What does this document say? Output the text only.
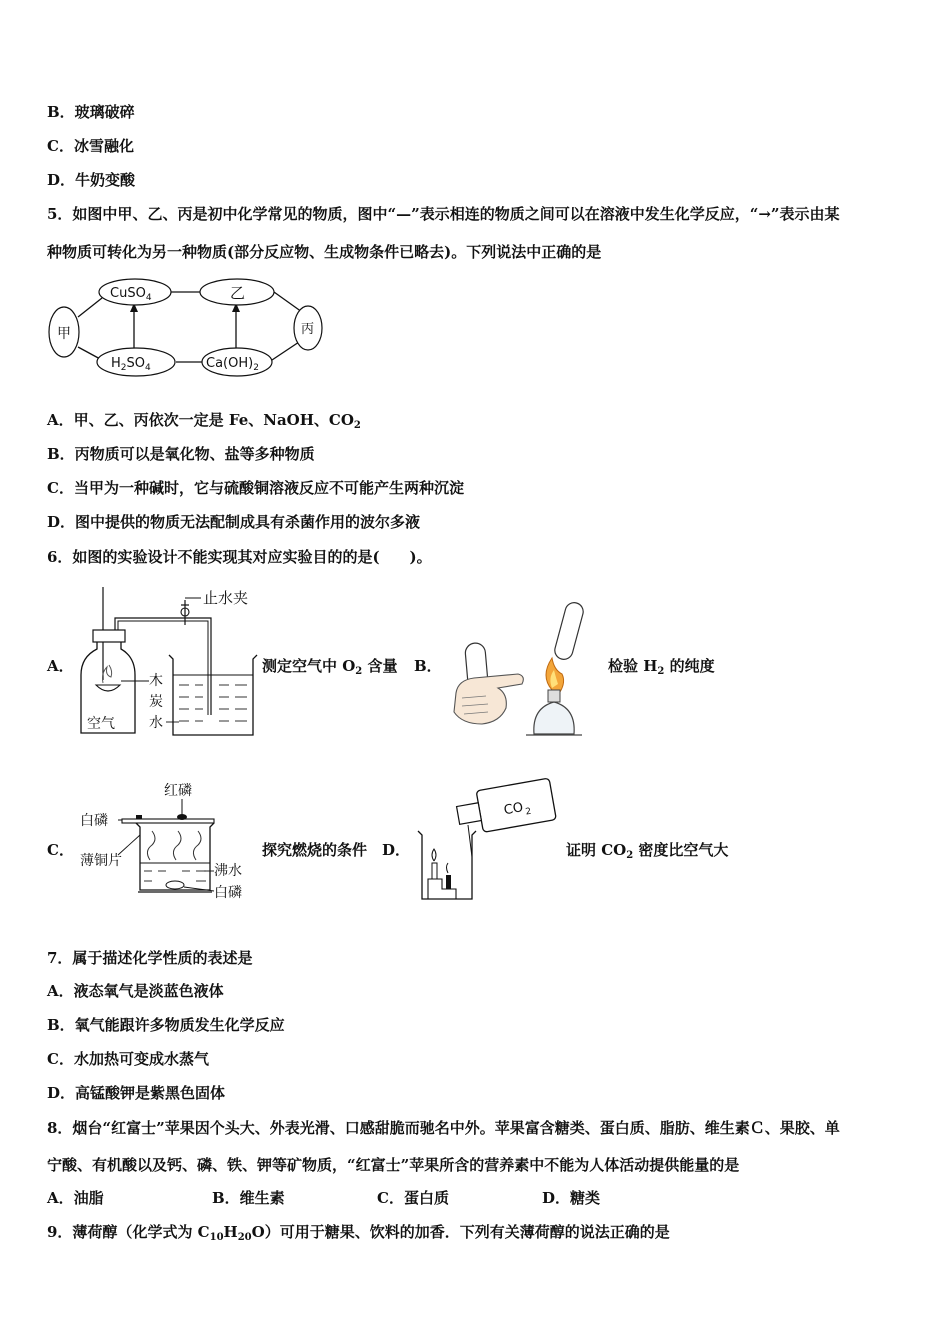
B．玻璃破碎
C．冰雪融化
D．牛奶变酸
5．如图中甲、乙、丙是初中化学常见的物质，图中“—”表示相连的物质之间可以在溶液中发生化学反应，“→”表示由某
种物质可转化为另一种物质(部分反应物、生成物条件已略去)。下列说法中正确的是
CuSO$_4$	乙
甲	丙
$H_2SO_4$	$Ca(OH)_2$
A．甲、乙、丙依次一定是 Fe、NaOH、$CO_2$
B．丙物质可以是氧化物、盐等多种物质
C．当甲为一种碱时，它与硫酸铜溶液反应不可能产生两种沉淀
D．图中提供的物质无法配制成具有杀菌作用的波尔多液
6．如图的实验设计不能实现其对应实验目的的是(　　)。
A．
止水夹
空气
木
炭
水
测定空气中 $O_2$ 含量 B．	检验 $H_2$ 的纯度
C．
红磷
白磷
薄铜片
沸水
白磷
探究燃烧的条件 D．
CO 2
证明 $CO_2$ 密度比空气大
7．属于描述化学性质的表述是
A．液态氧气是淡蓝色液体
B．氧气能跟许多物质发生化学反应
C．水加热可变成水蒸气
D．高锰酸钾是紫黑色固体
8．烟台“红富士”苹果因个头大、外表光滑、口感甜脆而驰名中外。苹果富含糖类、蛋白质、脂肪、维生素Ｃ、果胶、单
宁酸、有机酸以及钙、磷、铁、钾等矿物质，“红富士”苹果所含的营养素中不能为人体活动提供能量的是
A．油脂	B．维生素	C．蛋白质	D．糖类
9．薄荷醇（化学式为 $C_{10}H_{20}O$）可用于糖果、饮料的加香．下列有关薄荷醇的说法正确的是
